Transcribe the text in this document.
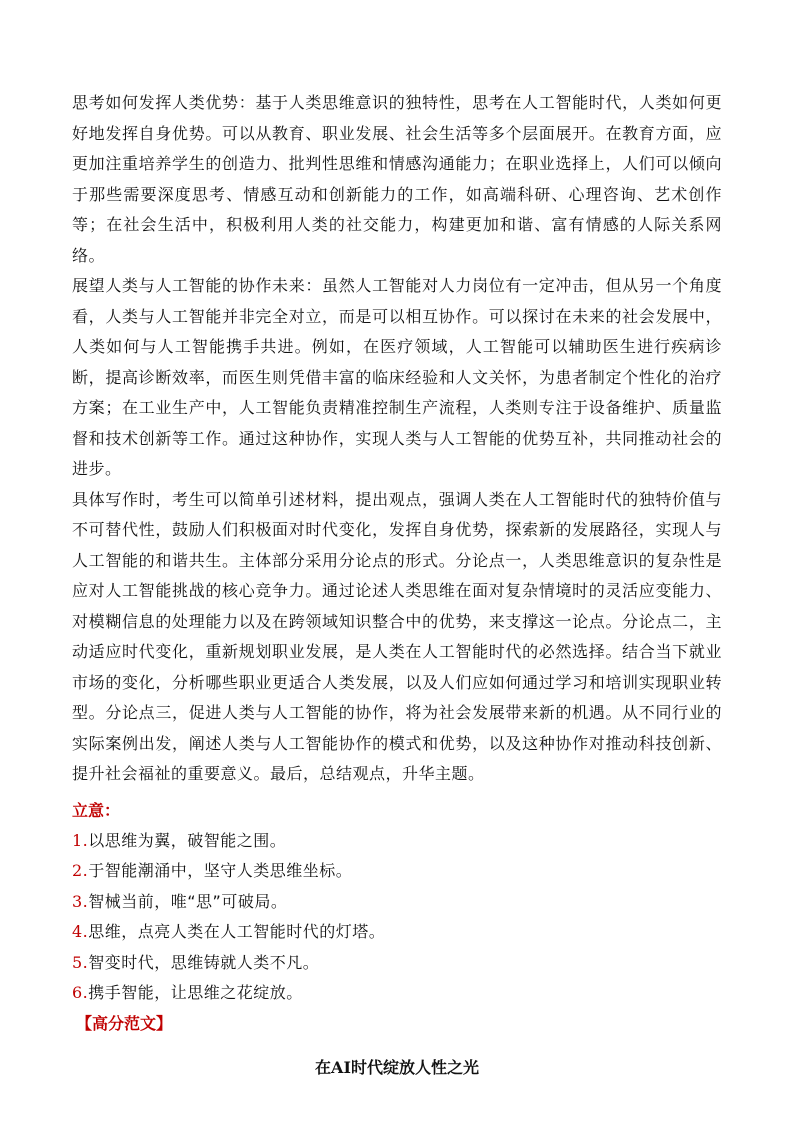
思考如何发挥人类优势：基于人类思维意识的独特性，思考在人工智能时代，人类如何更好地发挥自身优势。可以从教育、职业发展、社会生活等多个层面展开。在教育方面，应更加注重培养学生的创造力、批判性思维和情感沟通能力；在职业选择上，人们可以倾向于那些需要深度思考、情感互动和创新能力的工作，如高端科研、心理咨询、艺术创作等；在社会生活中，积极利用人类的社交能力，构建更加和谐、富有情感的人际关系网络。

展望人类与人工智能的协作未来：虽然人工智能对人力岗位有一定冲击，但从另一个角度看，人类与人工智能并非完全对立，而是可以相互协作。可以探讨在未来的社会发展中，人类如何与人工智能携手共进。例如，在医疗领域，人工智能可以辅助医生进行疾病诊断，提高诊断效率，而医生则凭借丰富的临床经验和人文关怀，为患者制定个性化的治疗方案；在工业生产中，人工智能负责精准控制生产流程，人类则专注于设备维护、质量监督和技术创新等工作。通过这种协作，实现人类与人工智能的优势互补，共同推动社会的进步。

具体写作时，考生可以简单引述材料，提出观点，强调人类在人工智能时代的独特价值与不可替代性，鼓励人们积极面对时代变化，发挥自身优势，探索新的发展路径，实现人与人工智能的和谐共生。主体部分采用分论点的形式。分论点一，人类思维意识的复杂性是应对人工智能挑战的核心竞争力。通过论述人类思维在面对复杂情境时的灵活应变能力、对模糊信息的处理能力以及在跨领域知识整合中的优势，来支撑这一论点。分论点二，主动适应时代变化，重新规划职业发展，是人类在人工智能时代的必然选择。结合当下就业市场的变化，分析哪些职业更适合人类发展，以及人们应如何通过学习和培训实现职业转型。分论点三，促进人类与人工智能的协作，将为社会发展带来新的机遇。从不同行业的实际案例出发，阐述人类与人工智能协作的模式和优势，以及这种协作对推动科技创新、提升社会福祉的重要意义。最后，总结观点，升华主题。

立意：
1.以思维为翼，破智能之围。
2.于智能潮涌中，坚守人类思维坐标。
3.智械当前，唯“思”可破局。
4.思维，点亮人类在人工智能时代的灯塔。
5.智变时代，思维铸就人类不凡。
6.携手智能，让思维之花绽放。
【高分范文】
在AI时代绽放人性之光
